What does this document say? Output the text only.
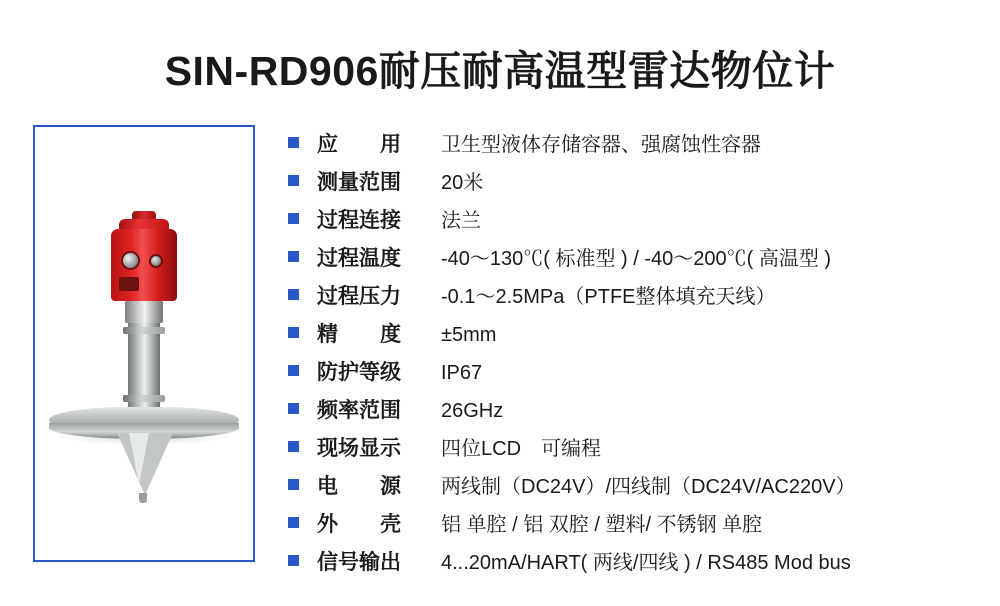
SIN-RD906耐压耐高温型雷达物位计
应　　用	卫生型液体存储容器、强腐蚀性容器
测量范围	20米
过程连接	法兰
过程温度	-40～130℃( 标准型 ) / -40～200℃( 高温型 )
过程压力	-0.1～2.5MPa（PTFE整体填充天线）
精　　度	±5mm
防护等级	IP67
频率范围	26GHz
现场显示	四位LCD　可编程
电　　源	两线制（DC24V）/四线制（DC24V/AC220V）
外　　壳	铝 单腔 / 铝 双腔 / 塑料/ 不锈钢 单腔
信号输出	4...20mA/HART( 两线/四线 ) / RS485 Mod bus
